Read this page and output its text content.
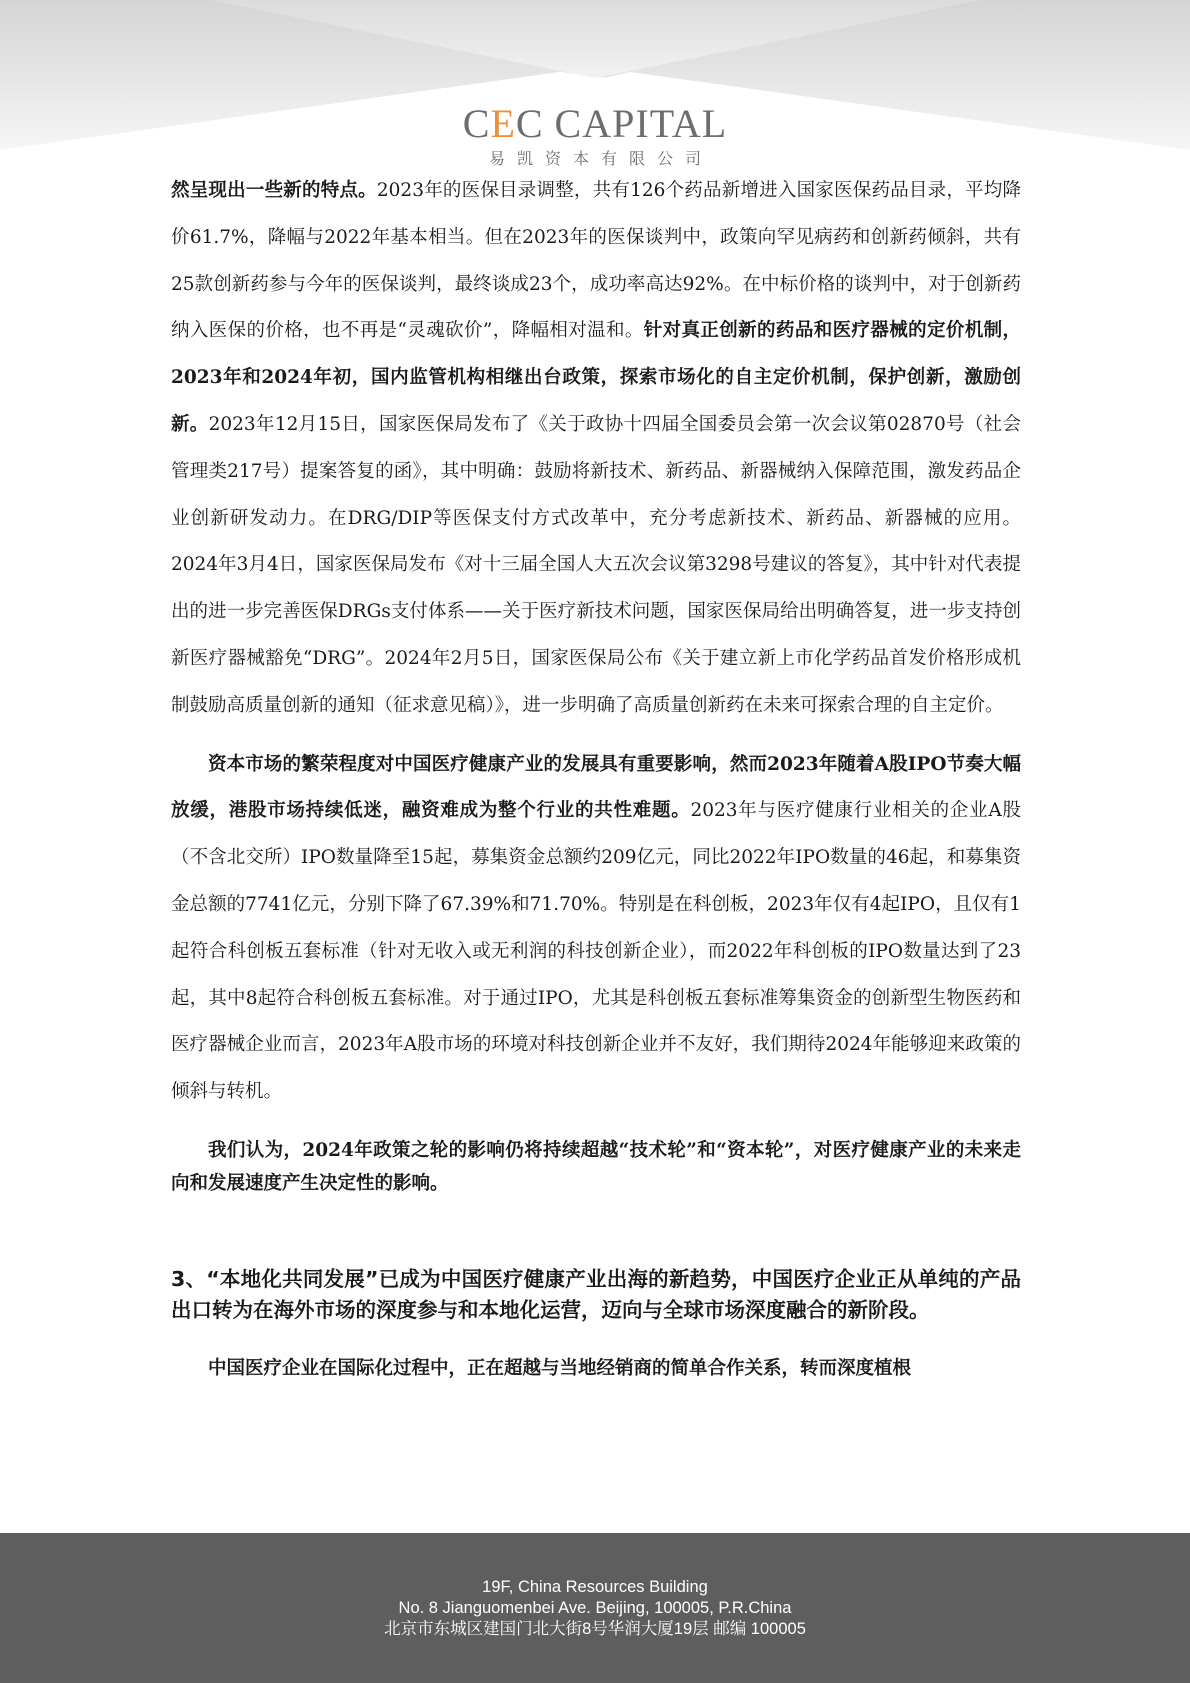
CEC CAPITAL
易凯资本有限公司

然呈现出一些新的特点。2023年的医保目录调整，共有126个药品新增进入国家医保药品目录，平均降价61.7%，降幅与2022年基本相当。但在2023年的医保谈判中，政策向罕见病药和创新药倾斜，共有25款创新药参与今年的医保谈判，最终谈成23个，成功率高达92%。在中标价格的谈判中，对于创新药纳入医保的价格，也不再是“灵魂砍价”，降幅相对温和。针对真正创新的药品和医疗器械的定价机制，2023年和2024年初，国内监管机构相继出台政策，探索市场化的自主定价机制，保护创新，激励创新。2023年12月15日，国家医保局发布了《关于政协十四届全国委员会第一次会议第02870号（社会管理类217号）提案答复的函》，其中明确：鼓励将新技术、新药品、新器械纳入保障范围，激发药品企业创新研发动力。在DRG/DIP等医保支付方式改革中，充分考虑新技术、新药品、新器械的应用。2024年3月4日，国家医保局发布《对十三届全国人大五次会议第3298号建议的答复》，其中针对代表提出的进一步完善医保DRGs支付体系——关于医疗新技术问题，国家医保局给出明确答复，进一步支持创新医疗器械豁免“DRG”。2024年2月5日，国家医保局公布《关于建立新上市化学药品首发价格形成机制鼓励高质量创新的通知（征求意见稿）》，进一步明确了高质量创新药在未来可探索合理的自主定价。

资本市场的繁荣程度对中国医疗健康产业的发展具有重要影响，然而2023年随着A股IPO节奏大幅放缓，港股市场持续低迷，融资难成为整个行业的共性难题。2023年与医疗健康行业相关的企业A股（不含北交所）IPO数量降至15起，募集资金总额约209亿元，同比2022年IPO数量的46起，和募集资金总额的7741亿元，分别下降了67.39%和71.70%。特别是在科创板，2023年仅有4起IPO，且仅有1起符合科创板五套标准（针对无收入或无利润的科技创新企业），而2022年科创板的IPO数量达到了23起，其中8起符合科创板五套标准。对于通过IPO，尤其是科创板五套标准筹集资金的创新型生物医药和医疗器械企业而言，2023年A股市场的环境对科技创新企业并不友好，我们期待2024年能够迎来政策的倾斜与转机。

我们认为，2024年政策之轮的影响仍将持续超越“技术轮”和“资本轮”，对医疗健康产业的未来走向和发展速度产生决定性的影响。

3、“本地化共同发展”已成为中国医疗健康产业出海的新趋势，中国医疗企业正从单纯的产品出口转为在海外市场的深度参与和本地化运营，迈向与全球市场深度融合的新阶段。

中国医疗企业在国际化过程中，正在超越与当地经销商的简单合作关系，转而深度植根

19F, China Resources Building
No. 8 Jianguomenbei Ave. Beijing, 100005, P.R.China
北京市东城区建国门北大街8号华润大厦19层 邮编 100005
